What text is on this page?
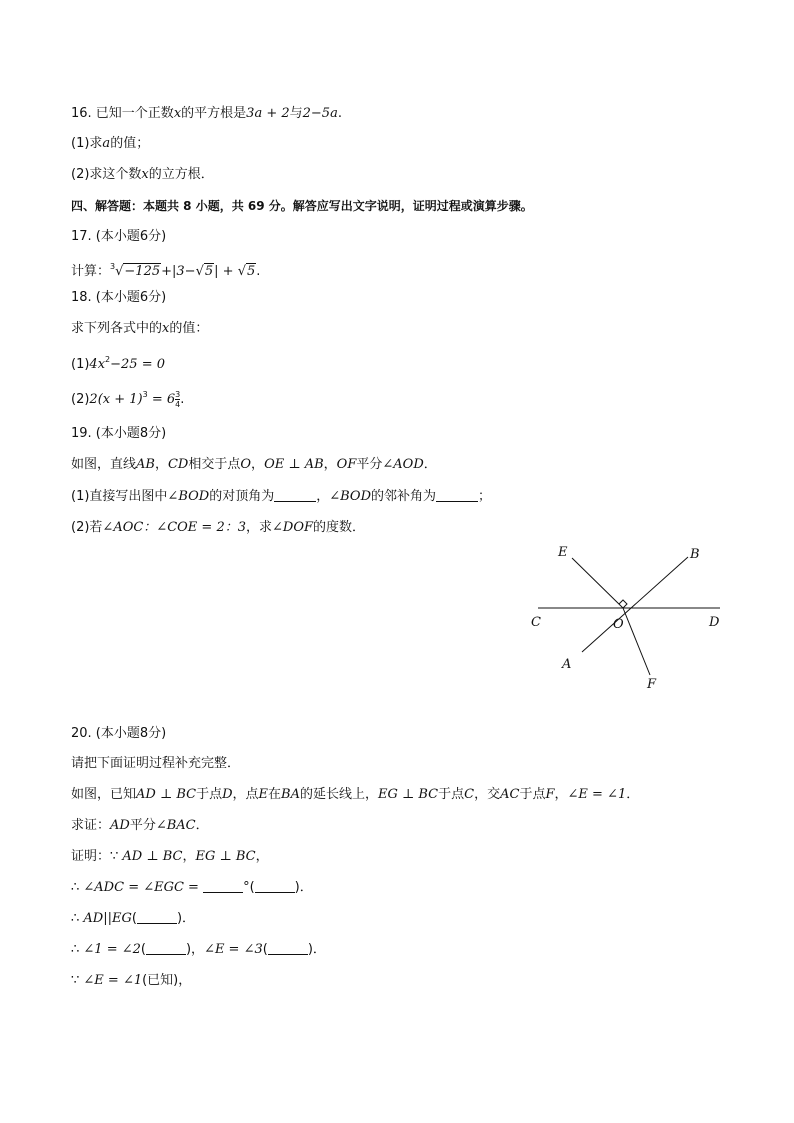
16. 已知一个正数x的平方根是3a + 2与2−5a.
(1)求a的值；
(2)求这个数x的立方根．
四、解答题：本题共 8 小题，共 69 分。解答应写出文字说明，证明过程或演算步骤。
17. (本小题6分)
计算：$^3$√−125+|3−√5| + √5.
18. (本小题6分)
求下列各式中的x的值：
$(1)4x^2-25 = 0$
$(2)2(x + 1)^3 = 6 \frac{3}{4}$ .
19. (本小题8分)
如图，直线AB，CD相交于点O，OE ⊥ AB，OF平分∠AOD．
(1)直接写出图中∠BOD的对顶角为	，∠BOD的邻补角为	；
(2)若∠AOC：∠COE = 2：3，求∠DOF的度数．
E	B
C	O	D
A
F
20. (本小题8分)
请把下面证明过程补充完整．
如图，已知AD ⊥ BC于点D，点E在BA的延长线上，EG ⊥ BC于点C，交AC于点F，∠E = ∠1．
求证：AD平分∠BAC．
证明：∵ AD ⊥ BC，EG ⊥ BC，
∴ ∠ADC = ∠EGC =	°(	)．
∴ AD||EG(	)．
∴ ∠1 = ∠2(	)，∠E = ∠3(	)．
∵ ∠E = ∠1(已知)，
